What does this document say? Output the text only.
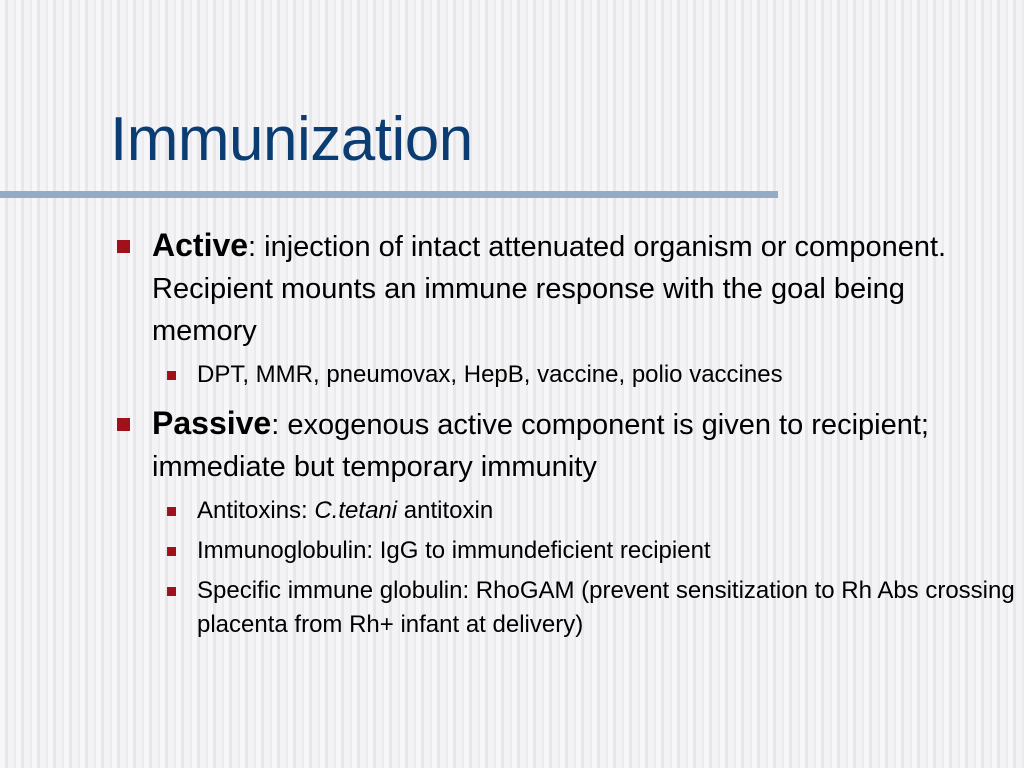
Immunization
Active: injection of intact attenuated organism or component. Recipient mounts an immune response with the goal being memory
DPT, MMR, pneumovax, HepB, vaccine, polio vaccines
Passive: exogenous active component is given to recipient; immediate but temporary immunity
Antitoxins: C.tetani antitoxin
Immunoglobulin: IgG to immundeficient recipient
Specific immune globulin: RhoGAM (prevent sensitization to Rh Abs crossing placenta from Rh+ infant at delivery)
